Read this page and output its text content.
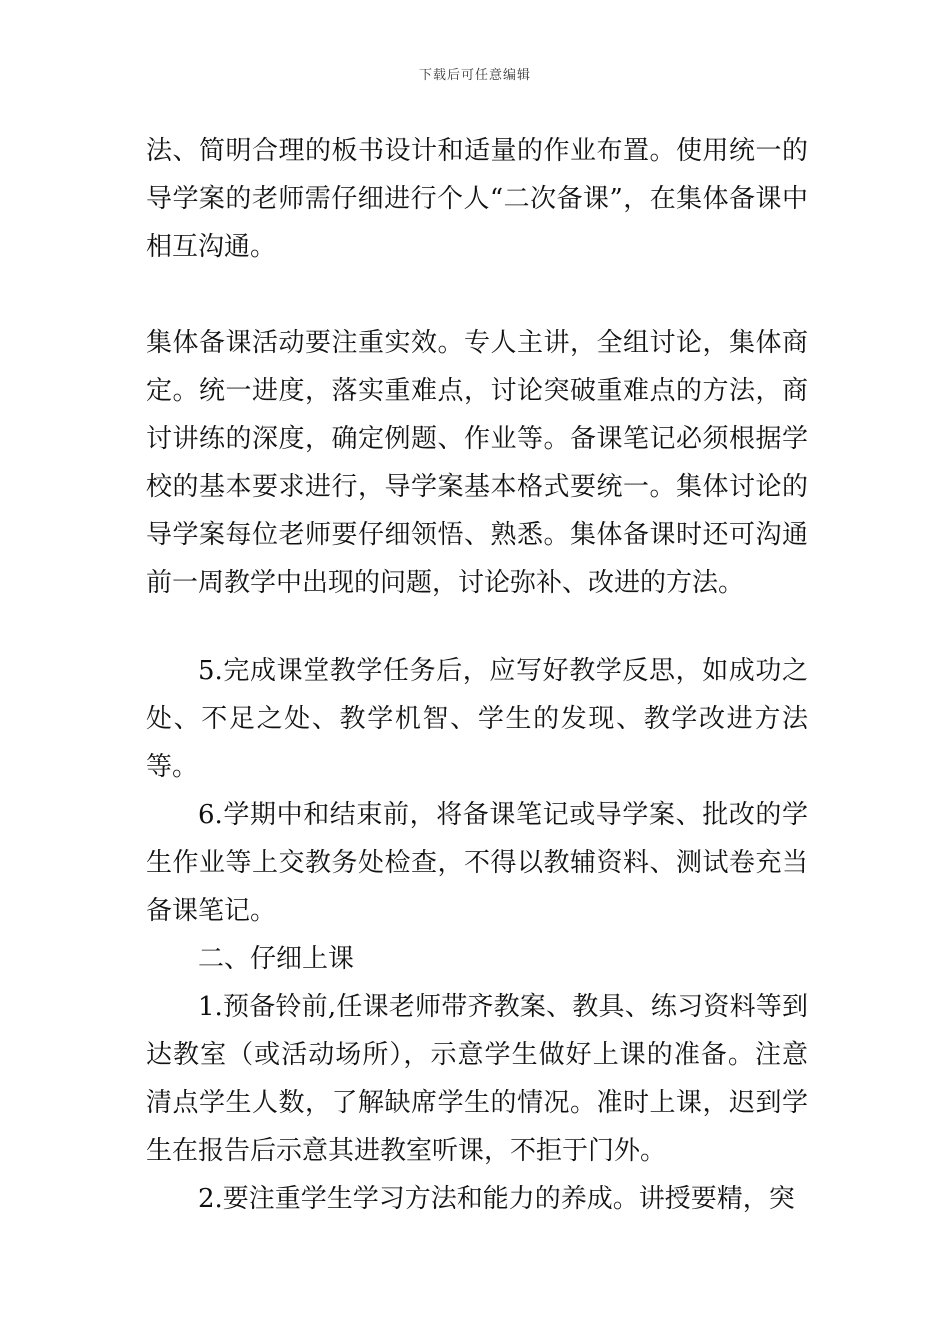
下载后可任意编辑

法、简明合理的板书设计和适量的作业布置。使用统一的导学案的老师需仔细进行个人“二次备课”，在集体备课中相互沟通。

集体备课活动要注重实效。专人主讲，全组讨论，集体商定。统一进度，落实重难点，讨论突破重难点的方法，商讨讲练的深度，确定例题、作业等。备课笔记必须根据学校的基本要求进行，导学案基本格式要统一。集体讨论的导学案每位老师要仔细领悟、熟悉。集体备课时还可沟通前一周教学中出现的问题，讨论弥补、改进的方法。

5.完成课堂教学任务后，应写好教学反思，如成功之处、不足之处、教学机智、学生的发现、教学改进方法等。

6.学期中和结束前，将备课笔记或导学案、批改的学生作业等上交教务处检查，不得以教辅资料、测试卷充当备课笔记。

二、仔细上课

1.预备铃前,任课老师带齐教案、教具、练习资料等到达教室（或活动场所），示意学生做好上课的准备。注意清点学生人数，了解缺席学生的情况。准时上课，迟到学生在报告后示意其进教室听课，不拒于门外。

2.要注重学生学习方法和能力的养成。讲授要精，突
